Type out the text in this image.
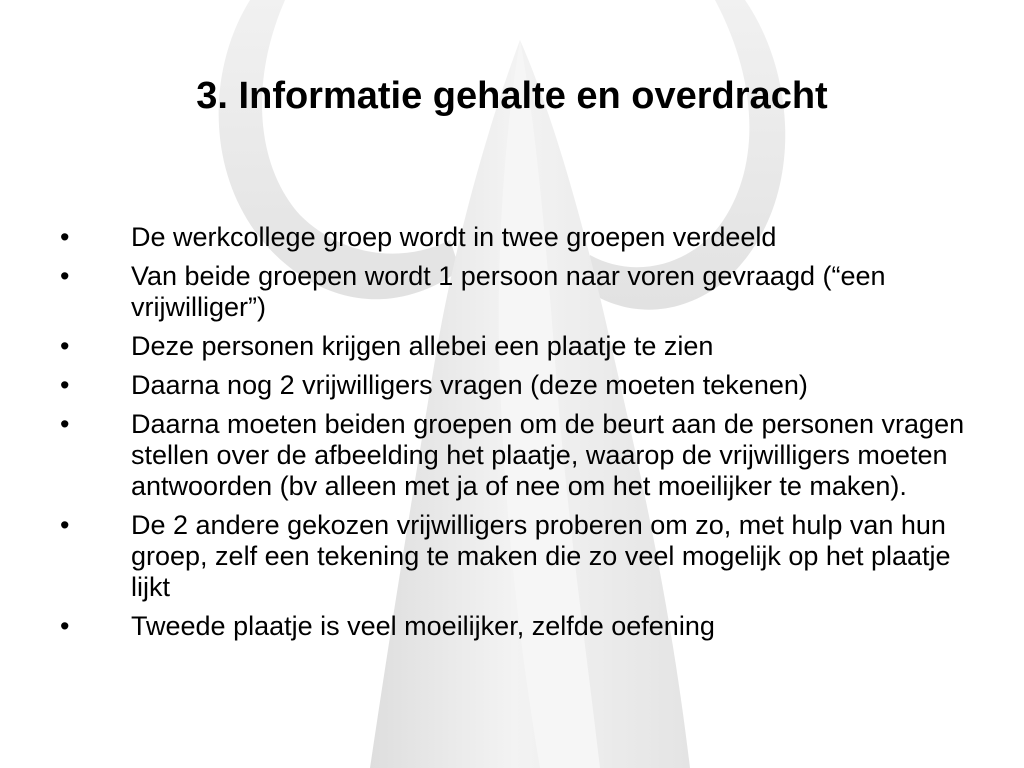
3. Informatie gehalte en overdracht
•	De werkcollege groep wordt in twee groepen verdeeld
•	Van beide groepen wordt 1 persoon naar voren gevraagd (“een vrijwilliger”)
•	Deze personen krijgen allebei een plaatje te zien
•	Daarna nog 2 vrijwilligers vragen (deze moeten tekenen)
•	Daarna moeten beiden groepen om de beurt aan de personen vragen stellen over de afbeelding het plaatje, waarop de vrijwilligers moeten antwoorden (bv alleen met ja of nee om het moeilijker te maken).
•	De 2 andere gekozen vrijwilligers proberen om zo, met hulp van hun groep, zelf een tekening te maken die zo veel mogelijk op het plaatje lijkt
•	Tweede plaatje is veel moeilijker, zelfde oefening
